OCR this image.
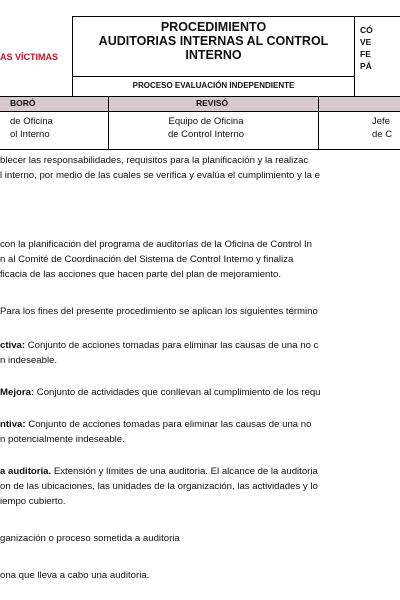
AS VÍCTIMAS
PROCEDIMIENTO
AUDITORIAS INTERNAS AL CONTROL
INTERNO
PROCESO EVALUACIÓN INDEPENDIENTE
CÓ
VE
FE
PÁ
BORÓ	REVISÓ
de Oficina
ol Interno
Equipo de Oficina
de Control Interno
Jefe
de C
blecer las responsabilidades, requisitos para la planificación y la realizac
l interno, por medio de las cuales se verifica y evalúa el cumplimiento y la e
con la planificación del programa de auditorías de la Oficina de Control In
n al Comité de Coordinación del Sistema de Control Interno y finaliza
ficacia de las acciones que hacen parte del plan de mejoramiento.
Para los fines del presente procedimiento se aplican los siguientes término
ctiva: Conjunto de acciones tomadas para eliminar las causas de una no c
n indeseable.
Mejora: Conjunto de actividades que conllevan al cumplimiento de los requ
ntiva: Conjunto de acciones tomadas para eliminar las causas de una no
n potencialmente indeseable.
a auditoria. Extensión y límites de una auditoria. El alcance de la auditoria
on de las ubicaciones, las unidades de la organización, las actividades y lo
iempo cubierto.
ganización o proceso sometida a auditoria
ona que lleva a cabo una auditoria.
